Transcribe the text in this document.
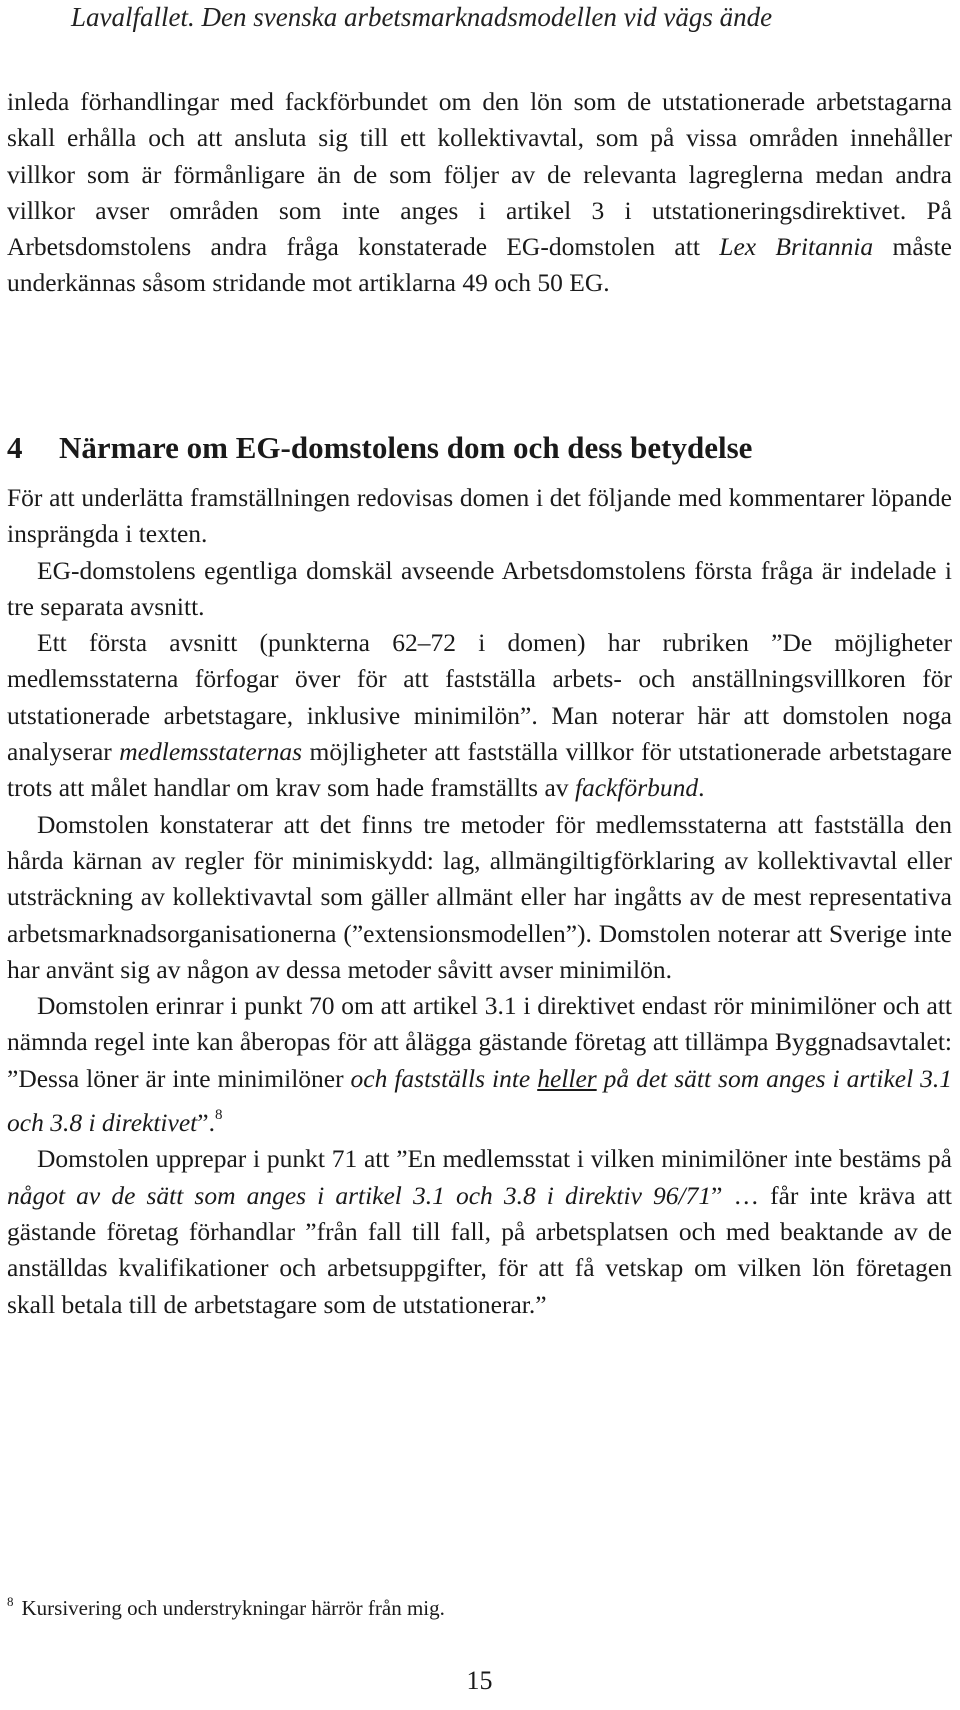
Lavalfallet. Den svenska arbetsmarknadsmodellen vid vägs ände

inleda förhandlingar med fackförbundet om den lön som de utstationerade arbetstagarna skall erhålla och att ansluta sig till ett kollektivavtal, som på vissa områden innehåller villkor som är förmånligare än de som följer av de relevanta lagreglerna medan andra villkor avser områden som inte anges i artikel 3 i utstationeringsdirektivet. På Arbetsdomstolens andra fråga konstaterade EG-domstolen att Lex Britannia måste underkännas såsom stridande mot artiklarna 49 och 50 EG.

4 Närmare om EG-domstolens dom och dess betydelse

För att underlätta framställningen redovisas domen i det följande med kommentarer löpande insprängda i texten.

EG-domstolens egentliga domskäl avseende Arbetsdomstolens första fråga är indelade i tre separata avsnitt.

Ett första avsnitt (punkterna 62–72 i domen) har rubriken ”De möjligheter medlemsstaterna förfogar över för att fastställa arbets- och anställningsvillkoren för utstationerade arbetstagare, inklusive minimilön”. Man noterar här att domstolen noga analyserar medlemsstaternas möjligheter att fastställa villkor för utstationerade arbetstagare trots att målet handlar om krav som hade framställts av fackförbund.

Domstolen konstaterar att det finns tre metoder för medlemsstaterna att fastställa den hårda kärnan av regler för minimiskydd: lag, allmängiltigförklaring av kollektivavtal eller utsträckning av kollektivavtal som gäller allmänt eller har ingåtts av de mest representativa arbetsmarknadsorganisationerna (”extensionsmodellen”). Domstolen noterar att Sverige inte har använt sig av någon av dessa metoder såvitt avser minimilön.

Domstolen erinrar i punkt 70 om att artikel 3.1 i direktivet endast rör minimilöner och att nämnda regel inte kan åberopas för att ålägga gästande företag att tillämpa Byggnadsavtalet: ”Dessa löner är inte minimilöner och fastställs inte heller på det sätt som anges i artikel 3.1 och 3.8 i direktivet”.$^8$

Domstolen upprepar i punkt 71 att ”En medlemsstat i vilken minimilöner inte bestäms på något av de sätt som anges i artikel 3.1 och 3.8 i direktiv 96/71” … får inte kräva att gästande företag förhandlar ”från fall till fall, på arbetsplatsen och med beaktande av de anställdas kvalifikationer och arbetsuppgifter, för att få vetskap om vilken lön företagen skall betala till de arbetstagare som de utstationerar.”

$^8$ Kursivering och understrykningar härrör från mig.
15
